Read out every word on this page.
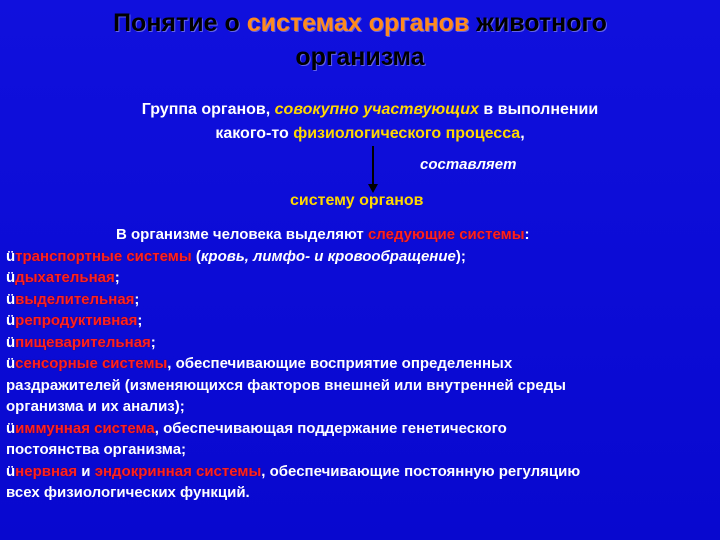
Понятие о системах органов животного
организма
Группа органов, совокупно участвующих в выполнении
какого-то физиологического процесса,
составляет
систему органов
В организме человека выделяют следующие системы:
üтранспортные системы (кровь, лимфо- и кровообращение);
üдыхательная;
üвыделительная;
üрепродуктивная;
üпищеварительная;
üсенсорные системы, обеспечивающие восприятие определенных
раздражителей (изменяющихся факторов внешней или внутренней среды
организма и их анализ);
üиммунная система, обеспечивающая поддержание генетического
постоянства организма;
üнервная и эндокринная системы, обеспечивающие постоянную регуляцию
всех физиологических функций.
